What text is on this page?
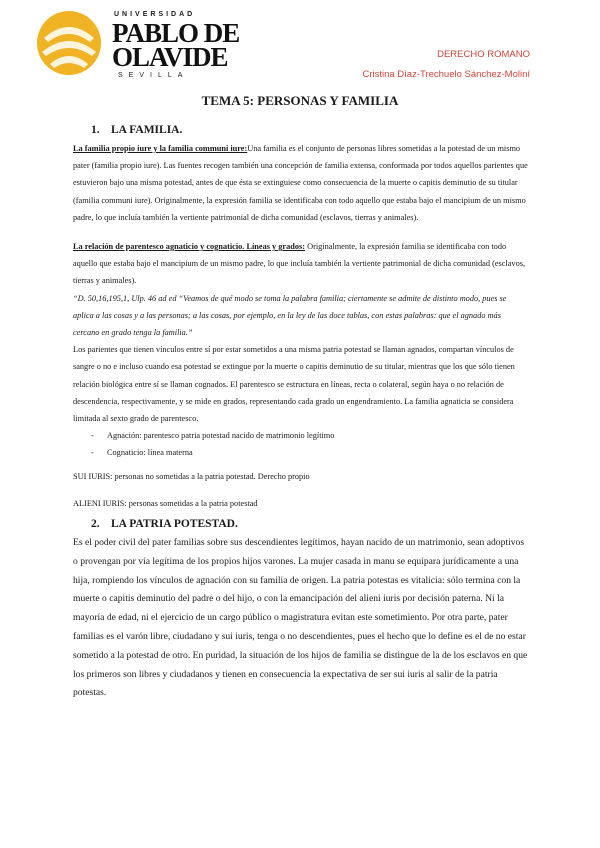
UNIVERSIDAD
PABLO DE
OLAVIDE
SEVILLA
DERECHO ROMANO
Cristina Díaz-Trechuelo Sánchez-Moliní
TEMA 5: PERSONAS Y FAMILIA
1. LA FAMILIA.

La familia propio iure y la familia communi iure:Una familia es el conjunto de personas libres sometidas a la potestad de un mismo pater (familia propio iure). Las fuentes recogen también una concepción de familia extensa, conformada por todos aquellos parientes que estuvieron bajo una misma potestad, antes de que ésta se extinguiese como consecuencia de la muerte o capitis deminutio de su titular (familia communi iure). Originalmente, la expresión familia se identificaba con todo aquello que estaba bajo el mancipium de un mismo padre, lo que incluía también la vertiente patrimonial de dicha comunidad (esclavos, tierras y animales).

La relación de parentesco agnaticio y cognaticio. Líneas y grados: Originalmente, la expresión familia se identificaba con todo aquello que estaba bajo el mancipium de un mismo padre, lo que incluía también la vertiente patrimonial de dicha comunidad (esclavos, tierras y animales).

“D. 50,16,195,1, Ulp. 46 ad ed “Veamos de qué modo se toma la palabra familia; ciertamente se admite de distinto modo, pues se aplica a las cosas y a las personas; a las cosas, por ejemplo, en la ley de las doce tablas, con estas palabras: que el agnado más cercano en grado tenga la familia.”

Los parientes que tienen vínculos entre sí por estar sometidos a una misma patria potestad se llaman agnados, compartan vínculos de sangre o no e incluso cuando esa potestad se extingue por la muerte o capitis deminutio de su titular, mientras que los que sólo tienen relación biológica entre sí se llaman cognados. El parentesco se estructura en líneas, recta o colateral, según haya o no relación de descendencia, respectivamente, y se mide en grados, representando cada grado un engendramiento. La familia agnaticia se considera limitada al sexto grado de parentesco.

- Agnación: parentesco patria potestad nacido de matrimonio legítimo
- Cognaticio: línea materna

SUI IURIS: personas no sometidas a la patria potestad. Derecho propio

ALIENI IURIS: personas sometidas a la patria potestad

2. LA PATRIA POTESTAD.

Es el poder civil del pater familias sobre sus descendientes legítimos, hayan nacido de un matrimonio, sean adoptivos o provengan por vía legítima de los propios hijos varones. La mujer casada in manu se equipara jurídicamente a una hija, rompiendo los vínculos de agnación con su familia de origen. La patria potestas es vitalicia: sólo termina con la muerte o capitis deminutio del padre o del hijo, o con la emancipación del alieni iuris por decisión paterna. Ni la mayoría de edad, ni el ejercicio de un cargo público o magistratura evitan este sometimiento. Por otra parte, pater familias es el varón libre, ciudadano y sui iuris, tenga o no descendientes, pues el hecho que lo define es el de no estar sometido a la potestad de otro. En puridad, la situación de los hijos de familia se distingue de la de los esclavos en que los primeros son libres y ciudadanos y tienen en consecuencia la expectativa de ser sui iuris al salir de la patria potestas.
